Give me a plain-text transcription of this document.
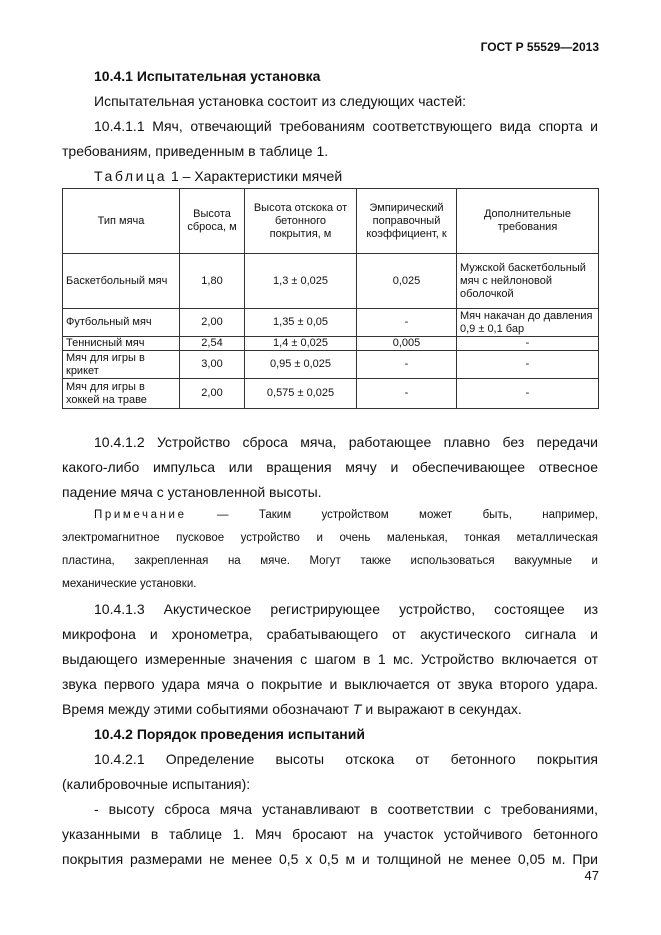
ГОСТ Р 55529—2013
10.4.1 Испытательная установка
Испытательная установка состоит из следующих частей:
10.4.1.1 Мяч, отвечающий требованиям соответствующего вида спорта и
требованиям, приведенным в таблице 1.
Таблица 1 – Характеристики мячей
Тип мяча	Высота сброса, м	Высота отскока от бетонного покрытия, м	Эмпирический поправочный коэффициент, к	Дополнительные требования
Баскетбольный мяч	1,80	1,3 ± 0,025	0,025	Мужской баскетбольный мяч с нейлоновой оболочкой
Футбольный мяч	2,00	1,35 ± 0,05	-	Мяч накачан до давления 0,9 ± 0,1 бар
Теннисный мяч	2,54	1,4 ± 0,025	0,005	-
Мяч для игры в крикет	3,00	0,95 ± 0,025	-	-
Мяч для игры в хоккей на траве	2,00	0,575 ± 0,025	-	-
10.4.1.2 Устройство сброса мяча, работающее плавно без передачи
какого-либо импульса или вращения мячу и обеспечивающее отвесное
падение мяча с установленной высоты.
Примечание	— Таким устройством может быть, например,
электромагнитное пусковое устройство и очень маленькая, тонкая металлическая
пластина, закрепленная на мяче. Могут также использоваться вакуумные и
механические установки.
10.4.1.3 Акустическое регистрирующее устройство, состоящее из
микрофона и хронометра, срабатывающего от акустического сигнала и
выдающего измеренные значения с шагом в 1 мс. Устройство включается от
звука первого удара мяча о покрытие и выключается от звука второго удара.
Время между этими событиями обозначают T и выражают в секундах.
10.4.2 Порядок проведения испытаний
10.4.2.1 Определение высоты отскока от бетонного покрытия
(калибровочные испытания):
- высоту сброса мяча устанавливают в соответствии с требованиями,
указанными в таблице 1. Мяч бросают на участок устойчивого бетонного
покрытия размерами не менее 0,5 х 0,5 м и толщиной не менее 0,05 м. При
47
